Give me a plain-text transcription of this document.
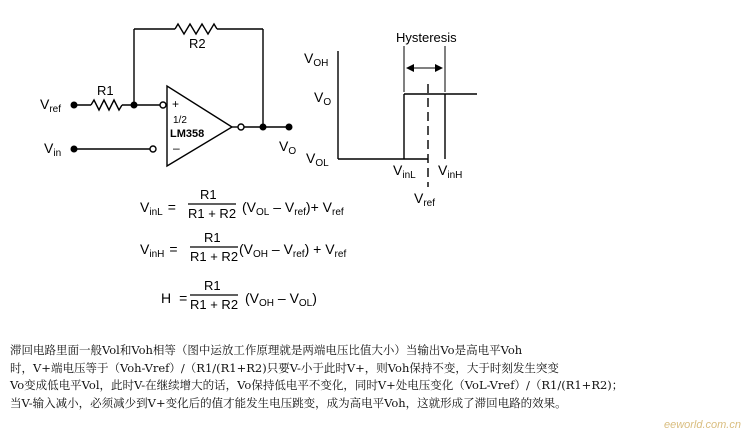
R1
R2
$V_{ref}$
$V_{in}$	$V_O$
+
–
1/2
LM358
Hysteresis
$V_{OH}$
$V_O$
$V_{OL}$	$V_{inL}$ $V_{inH}$
$V_{ref}$
$V_{inL}$ =
R1
R1 + R2 $(V_{OL} - V_{ref})+ V_{ref}$
$V_{inH}$ =
R1
R1 + R2 $(V_{OH} - V_{ref}) + V_{ref}$
H =
R1
R1 + R2 $(V_{OH} - V_{OL})$

滞回电路里面一般Vol和Voh相等（图中运放工作原理就是两端电压比值大小）当输出Vo是高电平Voh
时，V+端电压等于（Voh-Vref）/（R1/(R1+R2)只要V-小于此时V+，则Voh保持不变，大于时刻发生突变
Vo变成低电平Vol，此时V-在继续增大的话，Vo保持低电平不变化，同时V+处电压变化（VoL-Vref）/（R1/(R1+R2)；
当V-输入减小，必须减少到V+变化后的值才能发生电压跳变，成为高电平Voh，这就形成了滞回电路的效果。

eeworld.com.cn
